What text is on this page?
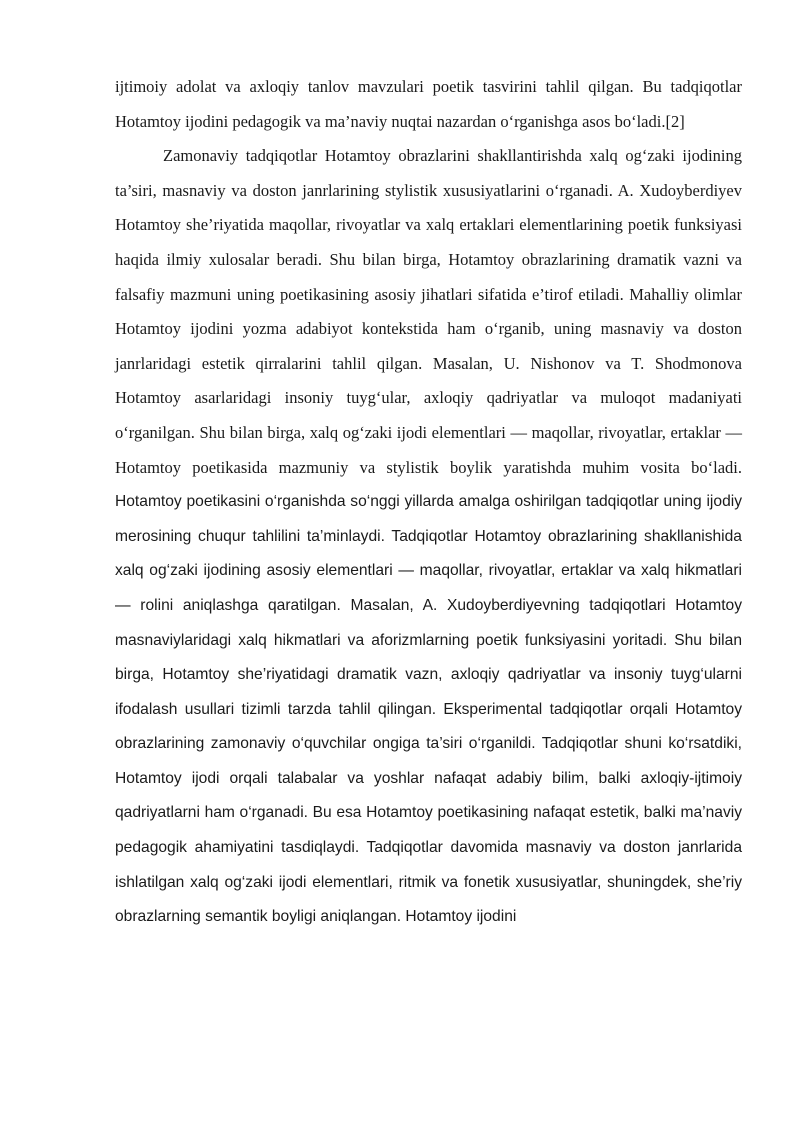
ijtimoiy adolat va axloqiy tanlov mavzulari poetik tasvirini tahlil qilgan. Bu tadqiqotlar Hotamtoy ijodini pedagogik va ma’naviy nuqtai nazardan o‘rganishga asos bo‘ladi.[2]

Zamonaviy tadqiqotlar Hotamtoy obrazlarini shakllantirishda xalq og‘zaki ijodining ta’siri, masnaviy va doston janrlarining stylistik xususiyatlarini o‘rganadi. A. Xudoyberdiyev Hotamtoy she’riyatida maqollar, rivoyatlar va xalq ertaklari elementlarining poetik funksiyasi haqida ilmiy xulosalar beradi. Shu bilan birga, Hotamtoy obrazlarining dramatik vazni va falsafiy mazmuni uning poetikasining asosiy jihatlari sifatida e’tirof etiladi. Mahalliy olimlar Hotamtoy ijodini yozma adabiyot kontekstida ham o‘rganib, uning masnaviy va doston janrlaridagi estetik qirralarini tahlil qilgan. Masalan, U. Nishonov va T. Shodmonova Hotamtoy asarlaridagi insoniy tuyg‘ular, axloqiy qadriyatlar va muloqot madaniyati o‘rganilgan. Shu bilan birga, xalq og‘zaki ijodi elementlari — maqollar, rivoyatlar, ertaklar — Hotamtoy poetikasida mazmuniy va stylistik boylik yaratishda muhim vosita bo‘ladi. Hotamtoy poetikasini o‘rganishda so‘nggi yillarda amalga oshirilgan tadqiqotlar uning ijodiy merosining chuqur tahlilini ta’minlaydi. Tadqiqotlar Hotamtoy obrazlarining shakllanishida xalq og‘zaki ijodining asosiy elementlari — maqollar, rivoyatlar, ertaklar va xalq hikmatlari — rolini aniqlashga qaratilgan. Masalan, A. Xudoyberdiyevning tadqiqotlari Hotamtoy masnaviylaridagi xalq hikmatlari va aforizmlarning poetik funksiyasini yoritadi. Shu bilan birga, Hotamtoy she’riyatidagi dramatik vazn, axloqiy qadriyatlar va insoniy tuyg‘ularni ifodalash usullari tizimli tarzda tahlil qilingan. Eksperimental tadqiqotlar orqali Hotamtoy obrazlarining zamonaviy o‘quvchilar ongiga ta’siri o‘rganildi. Tadqiqotlar shuni ko‘rsatdiki, Hotamtoy ijodi orqali talabalar va yoshlar nafaqat adabiy bilim, balki axloqiy-ijtimoiy qadriyatlarni ham o‘rganadi. Bu esa Hotamtoy poetikasining nafaqat estetik, balki ma’naviy pedagogik ahamiyatini tasdiqlaydi. Tadqiqotlar davomida masnaviy va doston janrlarida ishlatilgan xalq og‘zaki ijodi elementlari, ritmik va fonetik xususiyatlar, shuningdek, she’riy obrazlarning semantik boyligi aniqlangan. Hotamtoy ijodini
